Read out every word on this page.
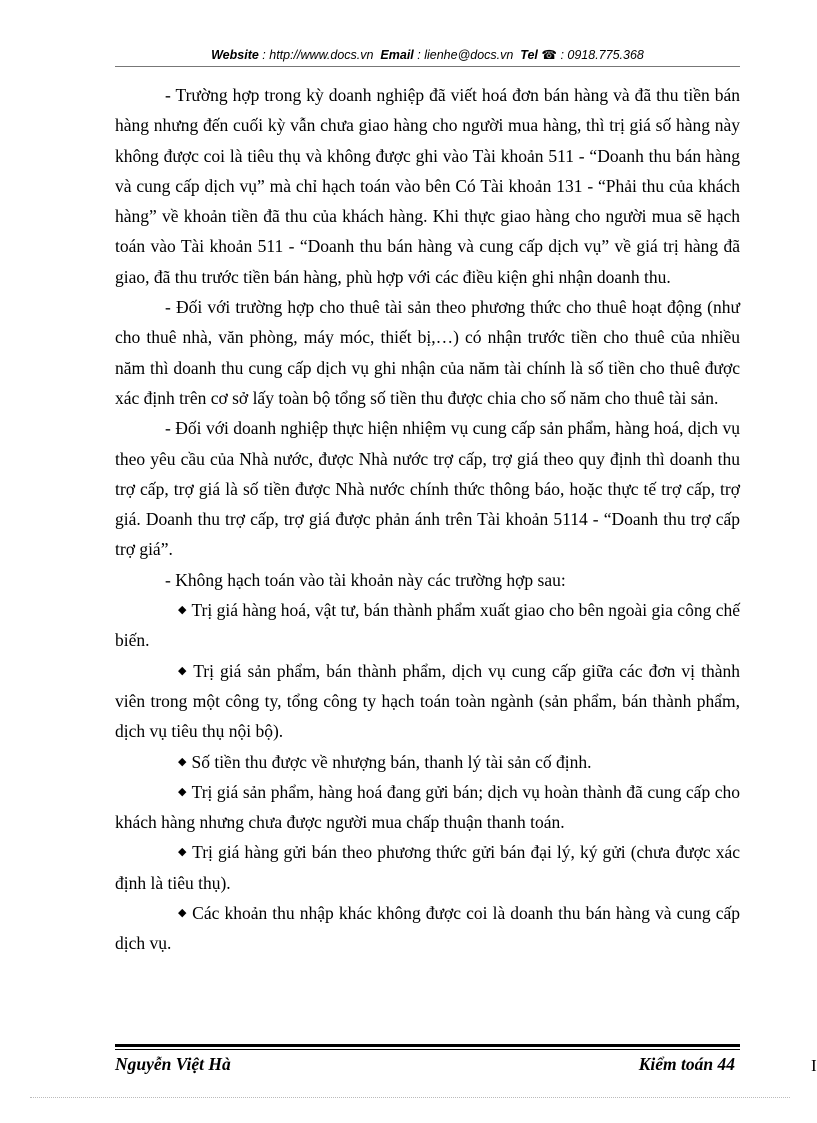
Website : http://www.docs.vn Email : lienhe@docs.vn Tel ☎ : 0918.775.368

- Trường hợp trong kỳ doanh nghiệp đã viết hoá đơn bán hàng và đã thu tiền bán hàng nhưng đến cuối kỳ vẫn chưa giao hàng cho người mua hàng, thì trị giá số hàng này không được coi là tiêu thụ và không được ghi vào Tài khoản 511 - “Doanh thu bán hàng và cung cấp dịch vụ” mà chỉ hạch toán vào bên Có Tài khoản 131 - “Phải thu của khách hàng” về khoản tiền đã thu của khách hàng. Khi thực giao hàng cho người mua sẽ hạch toán vào Tài khoản 511 - “Doanh thu bán hàng và cung cấp dịch vụ” về giá trị hàng đã giao, đã thu trước tiền bán hàng, phù hợp với các điều kiện ghi nhận doanh thu.

- Đối với trường hợp cho thuê tài sản theo phương thức cho thuê hoạt động (như cho thuê nhà, văn phòng, máy móc, thiết bị,…) có nhận trước tiền cho thuê của nhiều năm thì doanh thu cung cấp dịch vụ ghi nhận của năm tài chính là số tiền cho thuê được xác định trên cơ sở lấy toàn bộ tổng số tiền thu được chia cho số năm cho thuê tài sản.

- Đối với doanh nghiệp thực hiện nhiệm vụ cung cấp sản phẩm, hàng hoá, dịch vụ theo yêu cầu của Nhà nước, được Nhà nước trợ cấp, trợ giá theo quy định thì doanh thu trợ cấp, trợ giá là số tiền được Nhà nước chính thức thông báo, hoặc thực tế trợ cấp, trợ giá. Doanh thu trợ cấp, trợ giá được phản ánh trên Tài khoản 5114 - “Doanh thu trợ cấp trợ giá”.

- Không hạch toán vào tài khoản này các trường hợp sau:

◆ Trị giá hàng hoá, vật tư, bán thành phẩm xuất giao cho bên ngoài gia công chế biến.

◆ Trị giá sản phẩm, bán thành phẩm, dịch vụ cung cấp giữa các đơn vị thành viên trong một công ty, tổng công ty hạch toán toàn ngành (sản phẩm, bán thành phẩm, dịch vụ tiêu thụ nội bộ).

◆ Số tiền thu được về nhượng bán, thanh lý tài sản cố định.

◆ Trị giá sản phẩm, hàng hoá đang gửi bán; dịch vụ hoàn thành đã cung cấp cho khách hàng nhưng chưa được người mua chấp thuận thanh toán.

◆ Trị giá hàng gửi bán theo phương thức gửi bán đại lý, ký gửi (chưa được xác định là tiêu thụ).

◆ Các khoản thu nhập khác không được coi là doanh thu bán hàng và cung cấp dịch vụ.

Nguyễn Việt Hà	Kiểm toán 44	I
